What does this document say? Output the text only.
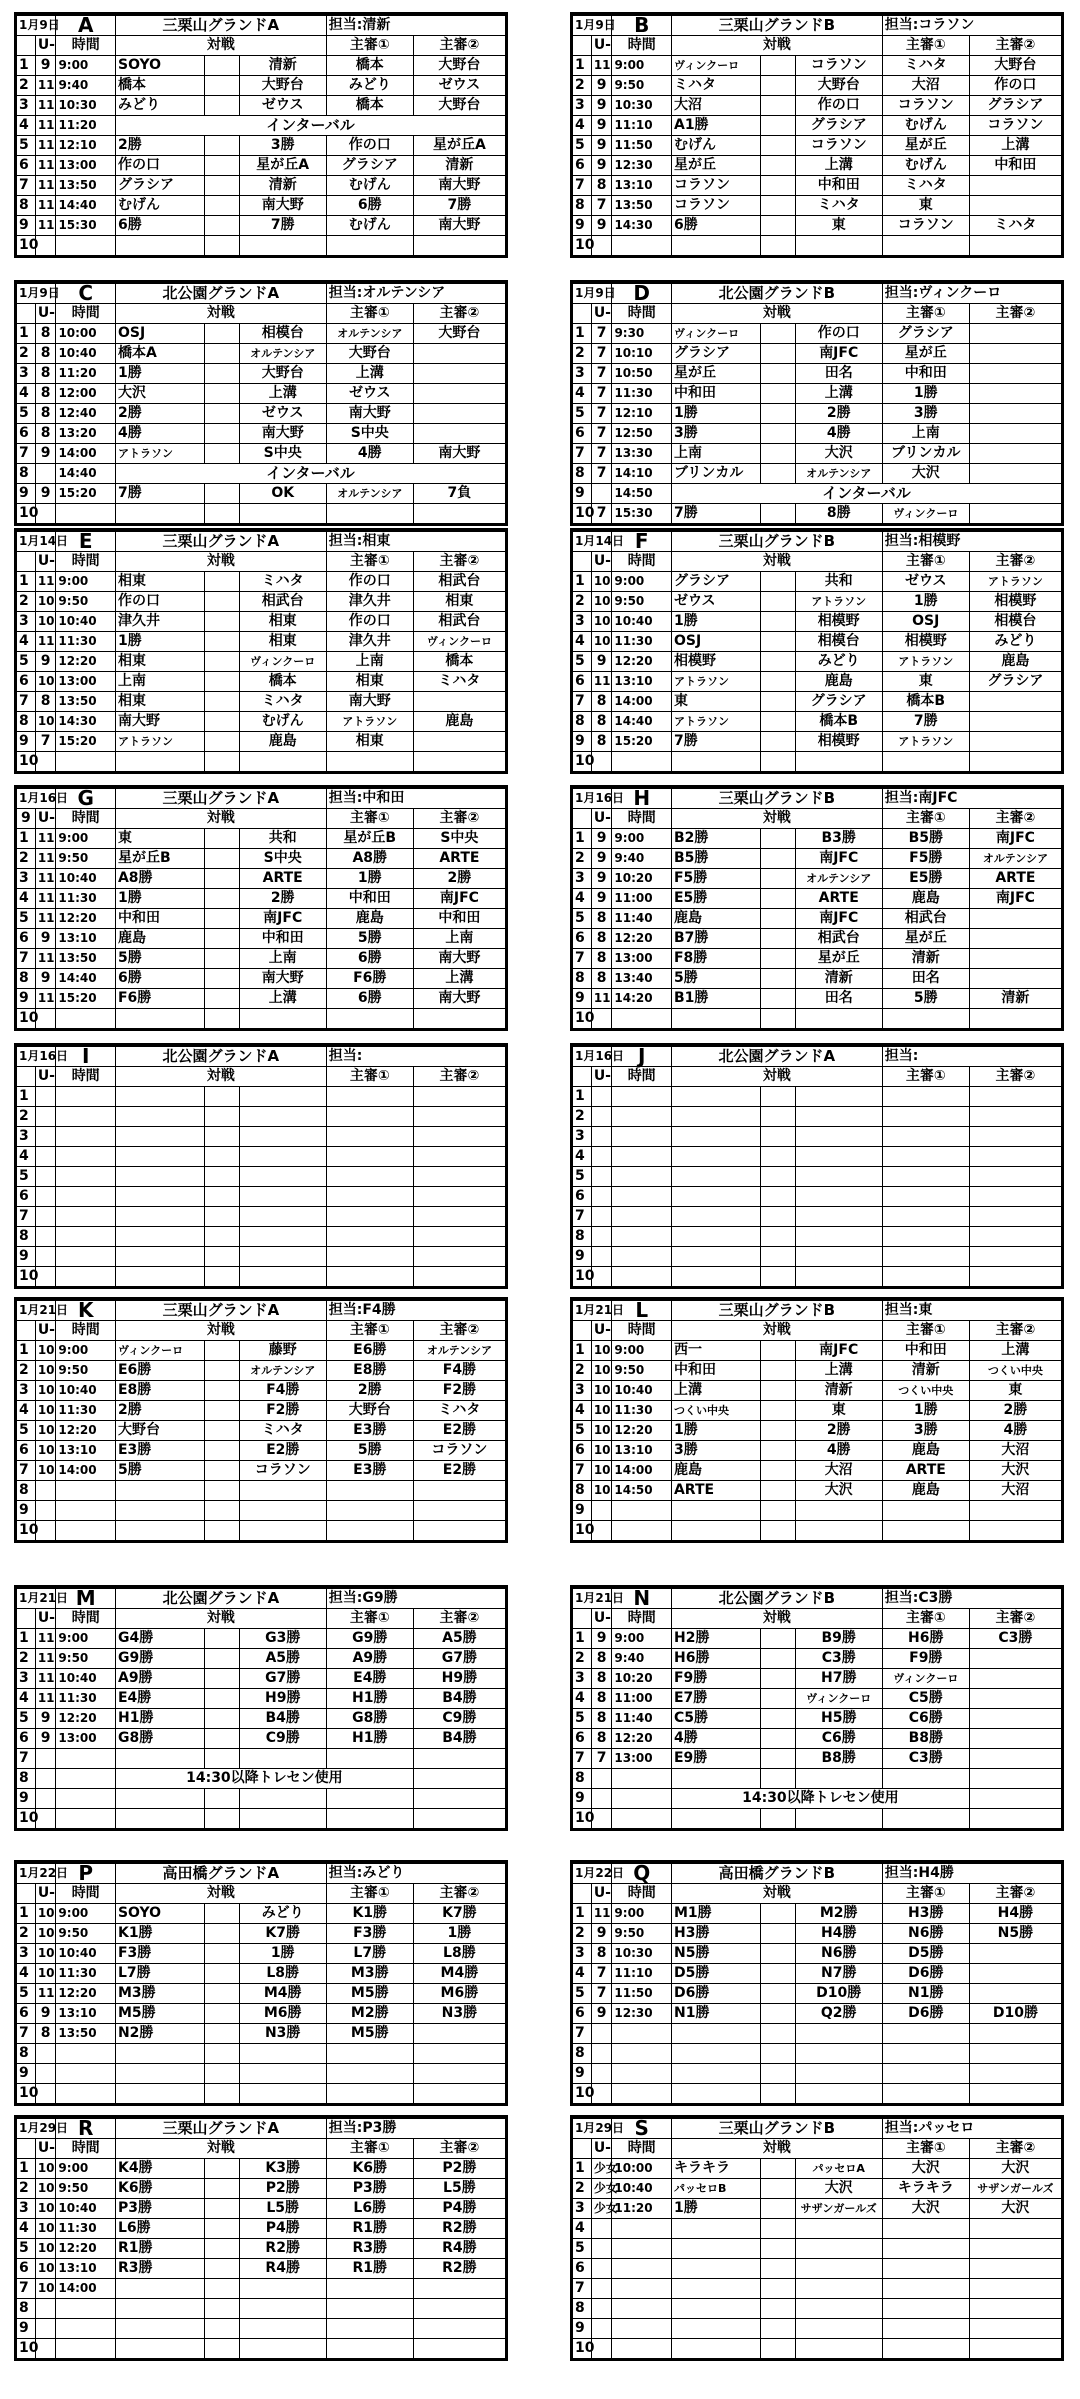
1月9日		A	三栗山グランドA			担当:清新	
	U-	時間	対戦			主審①	主審②
1	9	9:00	SOYO		清新	橋本	大野台
2	11	9:40	橋本		大野台	みどり	ゼウス
3	11	10:30	みどり		ゼウス	橋本	大野台
4	11	11:20	インターバル				
5	11	12:10	2勝		3勝	作の口	星が丘A
6	11	13:00	作の口		星が丘A	グラシア	清新
7	11	13:50	グラシア		清新	むげん	南大野
8	11	14:40	むげん		南大野	6勝	7勝
9	11	15:30	6勝		7勝	むげん	南大野
10							
1月9日		B	三栗山グランドB			担当:コラソン	
	U-	時間	対戦			主審①	主審②
1	11	9:00	ヴィンクーロ		コラソン	ミハタ	大野台
2	9	9:50	ミハタ		大野台	大沼	作の口
3	9	10:30	大沼		作の口	コラソン	グラシア
4	9	11:10	A1勝		グラシア	むげん	コラソン
5	9	11:50	むげん		コラソン	星が丘	上溝
6	9	12:30	星が丘		上溝	むげん	中和田
7	8	13:10	コラソン		中和田	ミハタ	
8	7	13:50	コラソン		ミハタ	東	
9	9	14:30	6勝		東	コラソン	ミハタ
10							
1月9日		C	北公園グランドA			担当:オルテンシア	
	U-	時間	対戦			主審①	主審②
1	8	10:00	OSJ		相模台	オルテンシア	大野台
2	8	10:40	橋本A		オルテンシア	大野台	
3	8	11:20	1勝		大野台	上溝	
4	8	12:00	大沢		上溝	ゼウス	
5	8	12:40	2勝		ゼウス	南大野	
6	8	13:20	4勝		南大野	S中央	
7	9	14:00	アトラソン		S中央	4勝	南大野
8		14:40	インターバル				
9	9	15:20	7勝		OK	オルテンシア	7負
10							
1月9日		D	北公園グランドB			担当:ヴィンクーロ	
	U-	時間	対戦			主審①	主審②
1	7	9:30	ヴィンクーロ		作の口	グラシア	
2	7	10:10	グラシア		南JFC	星が丘	
3	7	10:50	星が丘		田名	中和田	
4	7	11:30	中和田		上溝	1勝	
5	7	12:10	1勝		2勝	3勝	
6	7	12:50	3勝		4勝	上南	
7	7	13:30	上南		大沢	ブリンカル	
8	7	14:10	ブリンカル		オルテンシア	大沢	
9		14:50	インターバル				
10	7	15:30	7勝		8勝	ヴィンクーロ	
1月14日		E	三栗山グランドA			担当:相東	
	U-	時間	対戦			主審①	主審②
1	11	9:00	相東		ミハタ	作の口	相武台
2	10	9:50	作の口		相武台	津久井	相東
3	10	10:40	津久井		相東	作の口	相武台
4	11	11:30	1勝		相東	津久井	ヴィンクーロ
5	9	12:20	相東		ヴィンクーロ	上南	橋本
6	10	13:00	上南		橋本	相東	ミハタ
7	8	13:50	相東		ミハタ	南大野	
8	10	14:30	南大野		むげん	アトラソン	鹿島
9	7	15:20	アトラソン		鹿島	相東	
10							
1月14日		F	三栗山グランドB			担当:相模野	
	U-	時間	対戦			主審①	主審②
1	10	9:00	グラシア		共和	ゼウス	アトラソン
2	10	9:50	ゼウス		アトラソン	1勝	相模野
3	10	10:40	1勝		相模野	OSJ	相模台
4	10	11:30	OSJ		相模台	相模野	みどり
5	9	12:20	相模野		みどり	アトラソン	鹿島
6	11	13:10	アトラソン		鹿島	東	グラシア
7	8	14:00	東		グラシア	橋本B	
8	8	14:40	アトラソン		橋本B	7勝	
9	8	15:20	7勝		相模野	アトラソン	
10							
1月16日		G	三栗山グランドA			担当:中和田	
9	U-	時間	対戦			主審①	主審②
1	11	9:00	東		共和	星が丘B	S中央
2	11	9:50	星が丘B		S中央	A8勝	ARTE
3	11	10:40	A8勝		ARTE	1勝	2勝
4	11	11:30	1勝		2勝	中和田	南JFC
5	11	12:20	中和田		南JFC	鹿島	中和田
6	9	13:10	鹿島		中和田	5勝	上南
7	11	13:50	5勝		上南	6勝	南大野
8	9	14:40	6勝		南大野	F6勝	上溝
9	11	15:20	F6勝		上溝	6勝	南大野
10							
1月16日		H	三栗山グランドB			担当:南JFC	
	U-	時間	対戦			主審①	主審②
1	9	9:00	B2勝		B3勝	B5勝	南JFC
2	9	9:40	B5勝		南JFC	F5勝	オルテンシア
3	9	10:20	F5勝		オルテンシア	E5勝	ARTE
4	9	11:00	E5勝		ARTE	鹿島	南JFC
5	8	11:40	鹿島		南JFC	相武台	
6	8	12:20	B7勝		相武台	星が丘	
7	8	13:00	F8勝		星が丘	清新	
8	8	13:40	5勝		清新	田名	
9	11	14:20	B1勝		田名	5勝	清新
10							
1月16日		I	北公園グランドA			担当:	
	U-	時間	対戦			主審①	主審②
1							
2							
3							
4							
5							
6							
7							
8							
9							
10							
1月16日		J	北公園グランドA			担当:	
	U-	時間	対戦			主審①	主審②
1							
2							
3							
4							
5							
6							
7							
8							
9							
10							
1月21日		K	三栗山グランドA			担当:F4勝	
	U-	時間	対戦			主審①	主審②
1	10	9:00	ヴィンクーロ		藤野	E6勝	オルテンシア
2	10	9:50	E6勝		オルテンシア	E8勝	F4勝
3	10	10:40	E8勝		F4勝	2勝	F2勝
4	10	11:30	2勝		F2勝	大野台	ミハタ
5	10	12:20	大野台		ミハタ	E3勝	E2勝
6	10	13:10	E3勝		E2勝	5勝	コラソン
7	10	14:00	5勝		コラソン	E3勝	E2勝
8							
9							
10							
1月21日		L	三栗山グランドB			担当:東	
	U-	時間	対戦			主審①	主審②
1	10	9:00	西一		南JFC	中和田	上溝
2	10	9:50	中和田		上溝	清新	つくい中央
3	10	10:40	上溝		清新	つくい中央	東
4	10	11:30	つくい中央		東	1勝	2勝
5	10	12:20	1勝		2勝	3勝	4勝
6	10	13:10	3勝		4勝	鹿島	大沼
7	10	14:00	鹿島		大沼	ARTE	大沢
8	10	14:50	ARTE		大沢	鹿島	大沼
9							
10							
1月21日		M	北公園グランドA			担当:G9勝	
	U-	時間	対戦			主審①	主審②
1	11	9:00	G4勝		G3勝	G9勝	A5勝
2	11	9:50	G9勝		A5勝	A9勝	G7勝
3	11	10:40	A9勝		G7勝	E4勝	H9勝
4	11	11:30	E4勝		H9勝	H1勝	B4勝
5	9	12:20	H1勝		B4勝	G8勝	C9勝
6	9	13:00	G8勝		C9勝	H1勝	B4勝
7							
8			14:30以降トレセン使用				
9							
10							
1月21日		N	北公園グランドB			担当:C3勝	
	U-	時間	対戦			主審①	主審②
1	9	9:00	H2勝		B9勝	H6勝	C3勝
2	8	9:40	H6勝		C3勝	F9勝	
3	8	10:20	F9勝		H7勝	ヴィンクーロ	
4	8	11:00	E7勝		ヴィンクーロ	C5勝	
5	8	11:40	C5勝		H5勝	C6勝	
6	8	12:20	4勝		C6勝	B8勝	
7	7	13:00	E9勝		B8勝	C3勝	
8							
9			14:30以降トレセン使用				
10							
1月22日		P	高田橋グランドA			担当:みどり	
	U-	時間	対戦			主審①	主審②
1	10	9:00	SOYO		みどり	K1勝	K7勝
2	10	9:50	K1勝		K7勝	F3勝	1勝
3	10	10:40	F3勝		1勝	L7勝	L8勝
4	10	11:30	L7勝		L8勝	M3勝	M4勝
5	11	12:20	M3勝		M4勝	M5勝	M6勝
6	9	13:10	M5勝		M6勝	M2勝	N3勝
7	8	13:50	N2勝		N3勝	M5勝	
8							
9							
10							
1月22日		Q	高田橋グランドB			担当:H4勝	
	U-	時間	対戦			主審①	主審②
1	11	9:00	M1勝		M2勝	H3勝	H4勝
2	9	9:50	H3勝		H4勝	N6勝	N5勝
3	8	10:30	N5勝		N6勝	D5勝	
4	7	11:10	D5勝		N7勝	D6勝	
5	7	11:50	D6勝		D10勝	N1勝	
6	9	12:30	N1勝		Q2勝	D6勝	D10勝
7							
8							
9							
10							
1月29日		R	三栗山グランドA			担当:P3勝	
	U-	時間	対戦			主審①	主審②
1	10	9:00	K4勝		K3勝	K6勝	P2勝
2	10	9:50	K6勝		P2勝	P3勝	L5勝
3	10	10:40	P3勝		L5勝	L6勝	P4勝
4	10	11:30	L6勝		P4勝	R1勝	R2勝
5	10	12:20	R1勝		R2勝	R3勝	R4勝
6	10	13:10	R3勝		R4勝	R1勝	R2勝
7	10	14:00					
8							
9							
10							
1月29日		S	三栗山グランドB			担当:パッセロ	
	U-	時間	対戦			主審①	主審②
1	少女	10:00	キラキラ		パッセロA	大沢	大沢
2	少女	10:40	パッセロB		大沢	キラキラ	サザンガールズ
3	少女	11:20	1勝		サザンガールズ	大沢	大沢
4							
5							
6							
7							
8							
9							
10							
